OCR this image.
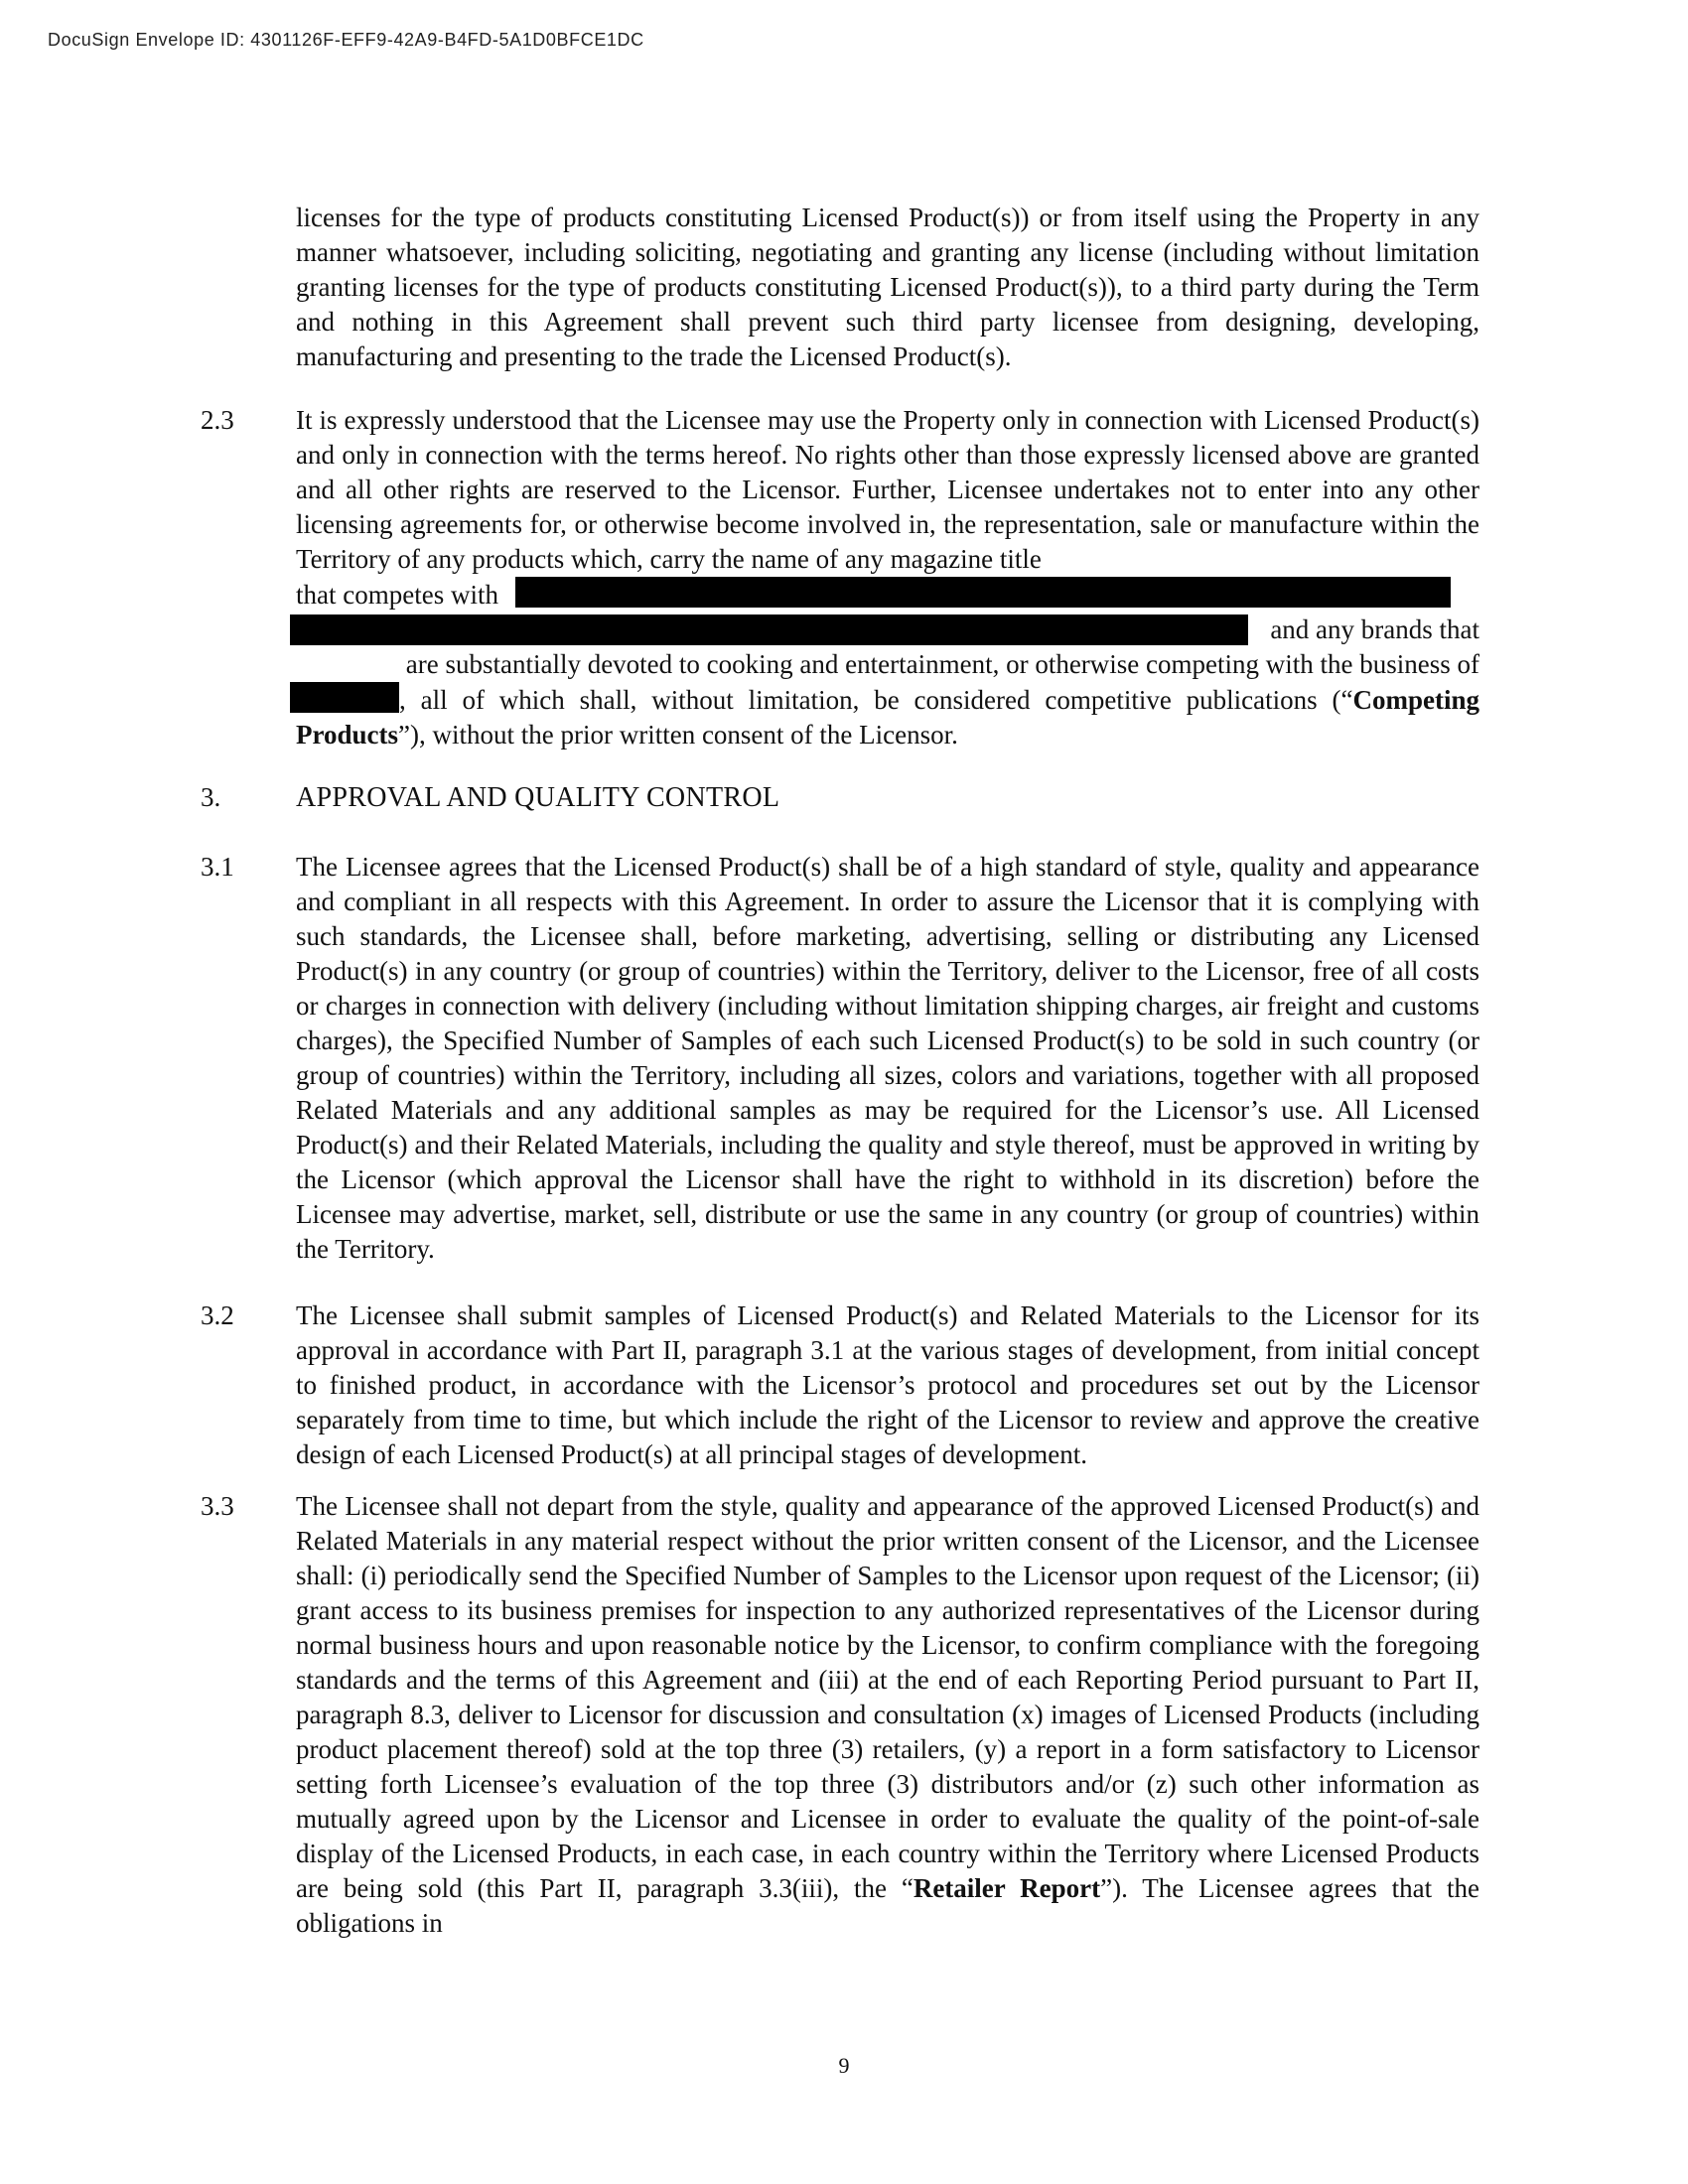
DocuSign Envelope ID: 4301126F-EFF9-42A9-B4FD-5A1D0BFCE1DC

licenses for the type of products constituting Licensed Product(s)) or from itself using the Property in any manner whatsoever, including soliciting, negotiating and granting any license (including without limitation granting licenses for the type of products constituting Licensed Product(s)), to a third party during the Term and nothing in this Agreement shall prevent such third party licensee from designing, developing, manufacturing and presenting to the trade the Licensed Product(s).

2.3 It is expressly understood that the Licensee may use the Property only in connection with Licensed Product(s) and only in connection with the terms hereof. No rights other than those expressly licensed above are granted and all other rights are reserved to the Licensor. Further, Licensee undertakes not to enter into any other licensing agreements for, or otherwise become involved in, the representation, sale or manufacture within the Territory of any products which, carry the name of any magazine title
that competes with
and any brands that are substantially devoted to cooking and entertainment, or otherwise competing with the business of
, all of which shall, without limitation, be considered competitive publications (“Competing Products”), without the prior written consent of the Licensor.
3.	APPROVAL AND QUALITY CONTROL
3.1 The Licensee agrees that the Licensed Product(s) shall be of a high standard of style, quality and appearance and compliant in all respects with this Agreement. In order to assure the Licensor that it is complying with such standards, the Licensee shall, before marketing, advertising, selling or distributing any Licensed Product(s) in any country (or group of countries) within the Territory, deliver to the Licensor, free of all costs or charges in connection with delivery (including without limitation shipping charges, air freight and customs charges), the Specified Number of Samples of each such Licensed Product(s) to be sold in such country (or group of countries) within the Territory, including all sizes, colors and variations, together with all proposed Related Materials and any additional samples as may be required for the Licensor’s use. All Licensed Product(s) and their Related Materials, including the quality and style thereof, must be approved in writing by the Licensor (which approval the Licensor shall have the right to withhold in its discretion) before the Licensee may advertise, market, sell, distribute or use the same in any country (or group of countries) within the Territory.

3.2 The Licensee shall submit samples of Licensed Product(s) and Related Materials to the Licensor for its approval in accordance with Part II, paragraph 3.1 at the various stages of development, from initial concept to finished product, in accordance with the Licensor’s protocol and procedures set out by the Licensor separately from time to time, but which include the right of the Licensor to review and approve the creative design of each Licensed Product(s) at all principal stages of development.

3.3 The Licensee shall not depart from the style, quality and appearance of the approved Licensed Product(s) and Related Materials in any material respect without the prior written consent of the Licensor, and the Licensee shall: (i) periodically send the Specified Number of Samples to the Licensor upon request of the Licensor; (ii) grant access to its business premises for inspection to any authorized representatives of the Licensor during normal business hours and upon reasonable notice by the Licensor, to confirm compliance with the foregoing standards and the terms of this Agreement and (iii) at the end of each Reporting Period pursuant to Part II, paragraph 8.3, deliver to Licensor for discussion and consultation (x) images of Licensed Products (including product placement thereof) sold at the top three (3) retailers, (y) a report in a form satisfactory to Licensor setting forth Licensee’s evaluation of the top three (3) distributors and/or (z) such other information as mutually agreed upon by the Licensor and Licensee in order to evaluate the quality of the point-of-sale display of the Licensed Products, in each case, in each country within the Territory where Licensed Products are being sold (this Part II, paragraph 3.3(iii), the “Retailer Report”). The Licensee agrees that the obligations in

9
